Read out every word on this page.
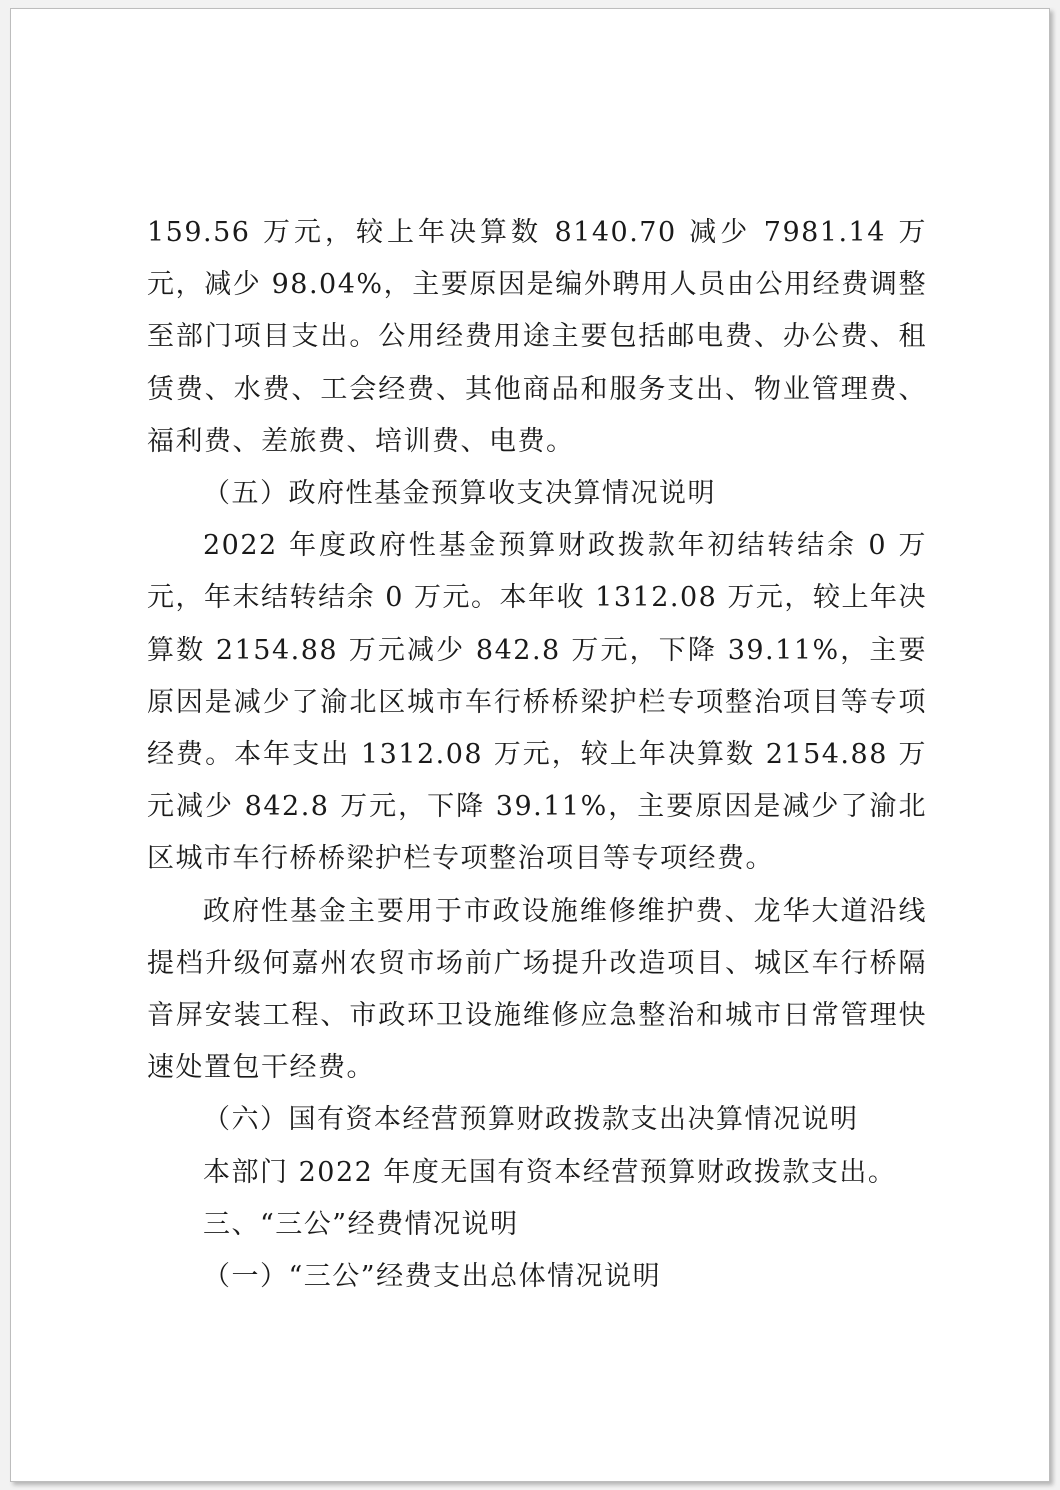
159.56 万元，较上年决算数 8140.70 减少 7981.14 万元，减少 98.04%，主要原因是编外聘用人员由公用经费调整至部门项目支出。公用经费用途主要包括邮电费、办公费、租赁费、水费、工会经费、其他商品和服务支出、物业管理费、福利费、差旅费、培训费、电费。

（五）政府性基金预算收支决算情况说明

2022 年度政府性基金预算财政拨款年初结转结余 0 万元，年末结转结余 0 万元。本年收 1312.08 万元，较上年决算数 2154.88 万元减少 842.8 万元，下降 39.11%，主要原因是减少了渝北区城市车行桥桥梁护栏专项整治项目等专项经费。本年支出 1312.08 万元，较上年决算数 2154.88 万元减少 842.8 万元，下降 39.11%，主要原因是减少了渝北区城市车行桥桥梁护栏专项整治项目等专项经费。

政府性基金主要用于市政设施维修维护费、龙华大道沿线提档升级何嘉州农贸市场前广场提升改造项目、城区车行桥隔音屏安装工程、市政环卫设施维修应急整治和城市日常管理快速处置包干经费。

（六）国有资本经营预算财政拨款支出决算情况说明

本部门 2022 年度无国有资本经营预算财政拨款支出。

三、“三公”经费情况说明

（一）“三公”经费支出总体情况说明
